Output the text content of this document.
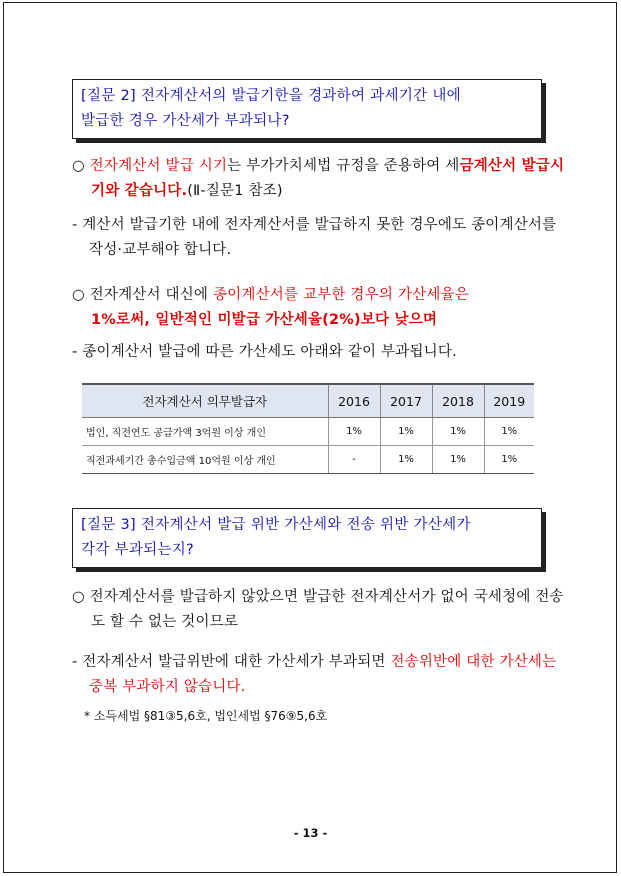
[질문 2] 전자계산서의 발급기한을 경과하여 과세기간 내에
발급한 경우 가산세가 부과되나?
○ 전자계산서 발급 시기는 부가가치세법 규정을 준용하여 세금계산서 발급시기와 같습니다.(Ⅱ-질문1 참조)
- 계산서 발급기한 내에 전자계산서를 발급하지 못한 경우에도 종이계산서를 작성·교부해야 합니다.
○ 전자계산서 대신에 종이계산서를 교부한 경우의 가산세율은
1%로써, 일반적인 미발급 가산세율(2%)보다 낮으며
- 종이계산서 발급에 따른 가산세도 아래와 같이 부과됩니다.
전자계산서 의무발급자	2016	2017	2018	2019
법인, 직전연도 공급가액 3억원 이상 개인	1%	1%	1%	1%
직전과세기간 총수입금액 10억원 이상 개인	-	1%	1%	1%
[질문 3] 전자계산서 발급 위반 가산세와 전송 위반 가산세가
각각 부과되는지?
○ 전자계산서를 발급하지 않았으면 발급한 전자계산서가 없어 국세청에 전송도 할 수 없는 것이므로
- 전자계산서 발급위반에 대한 가산세가 부과되면 전송위반에 대한 가산세는 중복 부과하지 않습니다.
* 소득세법 §81③5,6호, 법인세법 §76⑨5,6호
- 13 -
